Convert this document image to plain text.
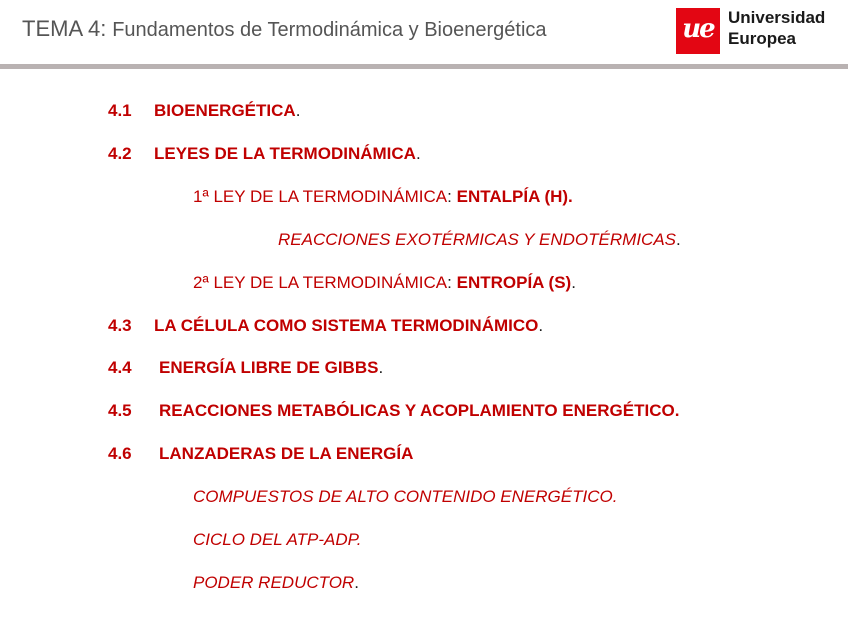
TEMA 4: Fundamentos de Termodinámica y Bioenergética	ue Universidad
Europea
4.1 BIOENERGÉTICA.
4.2 LEYES DE LA TERMODINÁMICA.
1ª LEY DE LA TERMODINÁMICA: ENTALPÍA (H).
REACCIONES EXOTÉRMICAS Y ENDOTÉRMICAS.
2ª LEY DE LA TERMODINÁMICA: ENTROPÍA (S).
4.3 LA CÉLULA COMO SISTEMA TERMODINÁMICO.
4.4 ENERGÍA LIBRE DE GIBBS.
4.5 REACCIONES METABÓLICAS Y ACOPLAMIENTO ENERGÉTICO.
4.6 LANZADERAS DE LA ENERGÍA
COMPUESTOS DE ALTO CONTENIDO ENERGÉTICO.
CICLO DEL ATP-ADP.
PODER REDUCTOR.
